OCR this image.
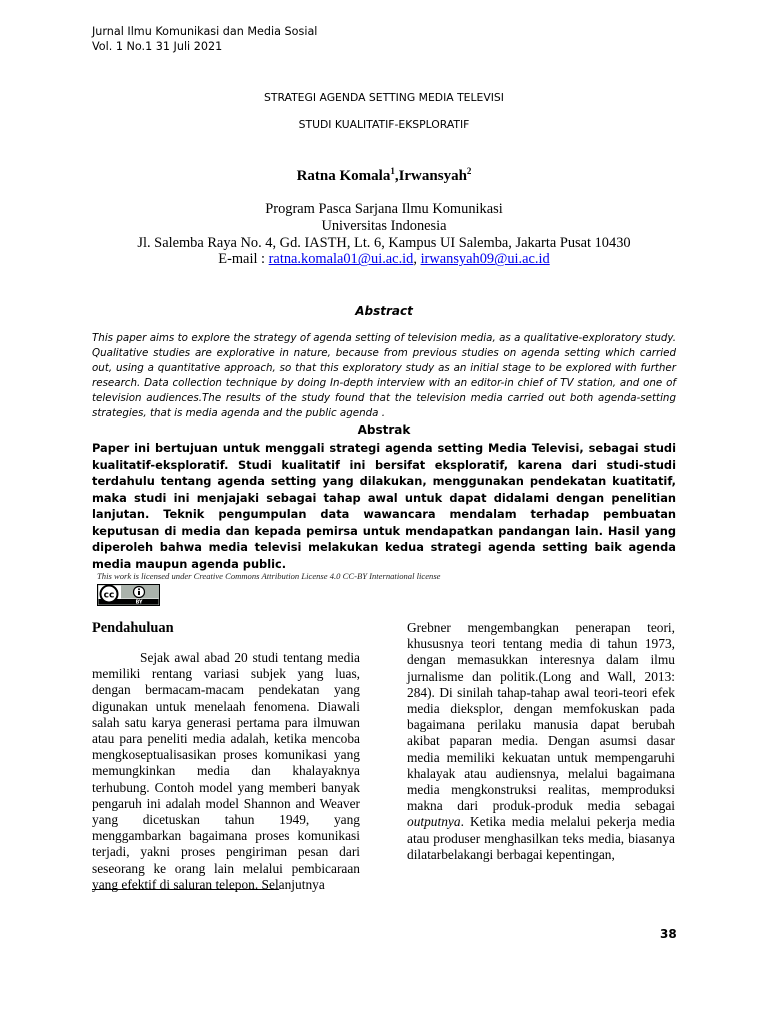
Jurnal Ilmu Komunikasi dan Media Sosial
Vol. 1 No.1 31 Juli 2021
STRATEGI AGENDA SETTING MEDIA TELEVISI
STUDI KUALITATIF-EKSPLORATIF
Ratna Komala$^1$,Irwansyah$^2$
Program Pasca Sarjana Ilmu Komunikasi
Universitas Indonesia
Jl. Salemba Raya No. 4, Gd. IASTH, Lt. 6, Kampus UI Salemba, Jakarta Pusat 10430
E-mail : ratna.komala01@ui.ac.id, irwansyah09@ui.ac.id
Abstract

This paper aims to explore the strategy of agenda setting of television media, as a qualitative-exploratory study. Qualitative studies are explorative in nature, because from previous studies on agenda setting which carried out, using a quantitative approach, so that this exploratory study as an initial stage to be explored with further research. Data collection technique by doing In-depth interview with an editor-in chief of TV station, and one of television audiences.The results of the study found that the television media carried out both agenda-setting strategies, that is media agenda and the public agenda .

Abstrak
Paper ini bertujuan untuk menggali strategi agenda setting Media Televisi, sebagai studi kualitatif-eksploratif. Studi kualitatif ini bersifat eksploratif, karena dari studi-studi terdahulu tentang agenda setting yang dilakukan, menggunakan pendekatan kuatitatif, maka studi ini menjajaki sebagai tahap awal untuk dapat didalami dengan penelitian lanjutan. Teknik pengumpulan data wawancara mendalam terhadap pembuatan keputusan di media dan kepada pemirsa untuk mendapatkan pandangan lain. Hasil yang diperoleh bahwa media televisi melakukan kedua strategi agenda setting baik agenda media maupun agenda public.
This work is licensed under Creative Commons Attribution License 4.0 CC-BY International license
cc
BY
Pendahuluan

Sejak awal abad 20 studi tentang media memiliki rentang variasi subjek yang luas, dengan bermacam-macam pendekatan yang digunakan untuk menelaah fenomena. Diawali salah satu karya generasi pertama para ilmuwan atau para peneliti media adalah, ketika mencoba mengkoseptualisasikan proses komunikasi yang memungkinkan media dan khalayaknya terhubung. Contoh model yang memberi banyak pengaruh ini adalah model Shannon and Weaver yang dicetuskan tahun 1949, yang menggambarkan bagaimana proses komunikasi terjadi, yakni proses pengiriman pesan dari seseorang ke orang lain melalui pembicaraan yang efektif di saluran telepon. Selanjutnya

Grebner mengembangkan penerapan teori, khususnya teori tentang media di tahun 1973, dengan memasukkan interesnya dalam ilmu jurnalisme dan politik.(Long and Wall, 2013: 284). Di sinilah tahap-tahap awal teori-teori efek media dieksplor, dengan memfokuskan pada bagaimana perilaku manusia dapat berubah akibat paparan media. Dengan asumsi dasar media memiliki kekuatan untuk mempengaruhi khalayak atau audiensnya, melalui bagaimana media mengkonstruksi realitas, memproduksi makna dari produk-produk media sebagai outputnya. Ketika media melalui pekerja media atau produser menghasilkan teks media, biasanya dilatarbelakangi berbagai kepentingan,

38
